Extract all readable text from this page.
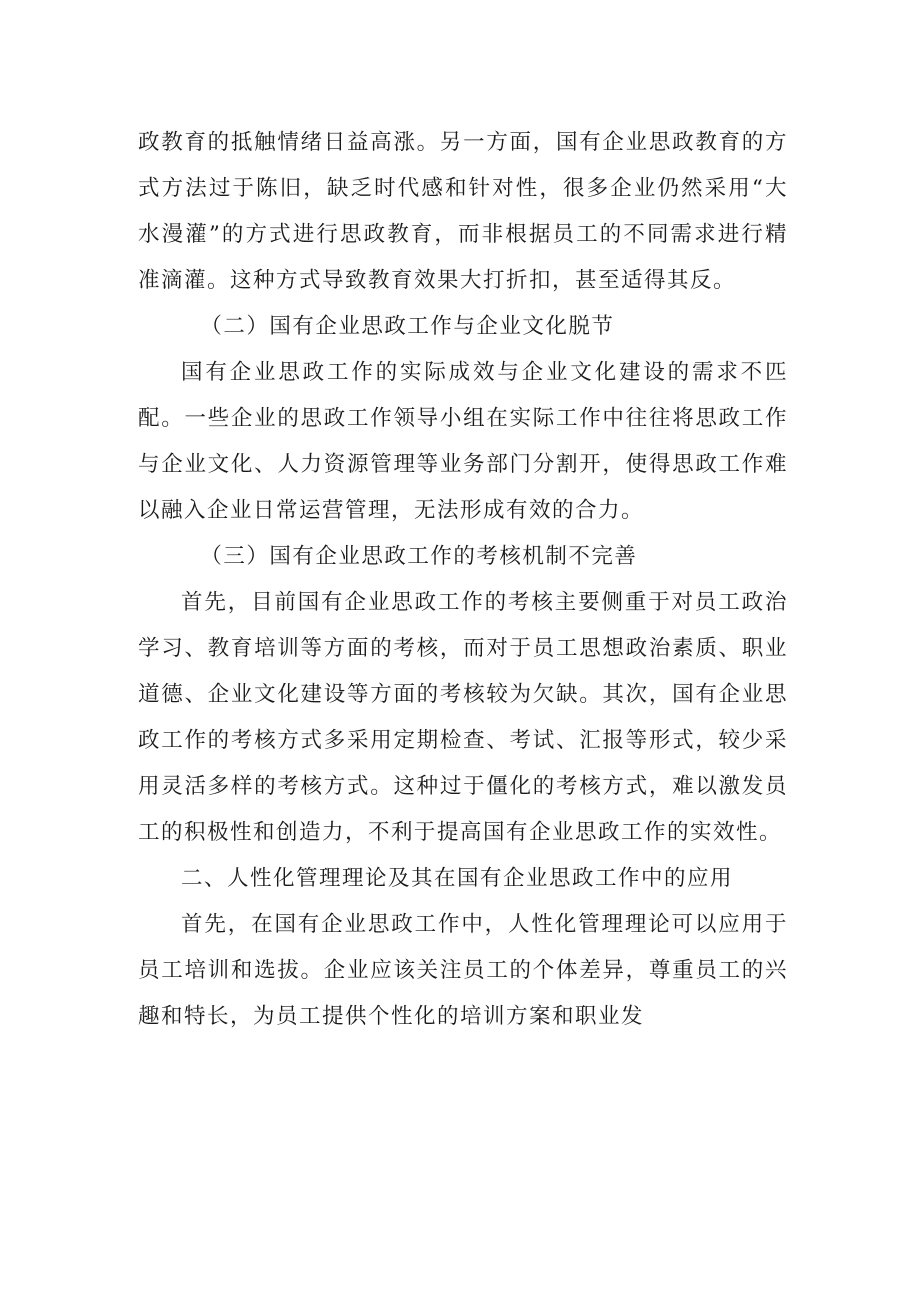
政教育的抵触情绪日益高涨。另一方面，国有企业思政教育的方式方法过于陈旧，缺乏时代感和针对性，很多企业仍然采用“大水漫灌”的方式进行思政教育，而非根据员工的不同需求进行精准滴灌。这种方式导致教育效果大打折扣，甚至适得其反。

（二）国有企业思政工作与企业文化脱节

国有企业思政工作的实际成效与企业文化建设的需求不匹配。一些企业的思政工作领导小组在实际工作中往往将思政工作与企业文化、人力资源管理等业务部门分割开，使得思政工作难以融入企业日常运营管理，无法形成有效的合力。

（三）国有企业思政工作的考核机制不完善

首先，目前国有企业思政工作的考核主要侧重于对员工政治学习、教育培训等方面的考核，而对于员工思想政治素质、职业道德、企业文化建设等方面的考核较为欠缺。其次，国有企业思政工作的考核方式多采用定期检查、考试、汇报等形式，较少采用灵活多样的考核方式。这种过于僵化的考核方式，难以激发员工的积极性和创造力，不利于提高国有企业思政工作的实效性。

二、人性化管理理论及其在国有企业思政工作中的应用

首先，在国有企业思政工作中，人性化管理理论可以应用于员工培训和选拔。企业应该关注员工的个体差异，尊重员工的兴趣和特长，为员工提供个性化的培训方案和职业发
